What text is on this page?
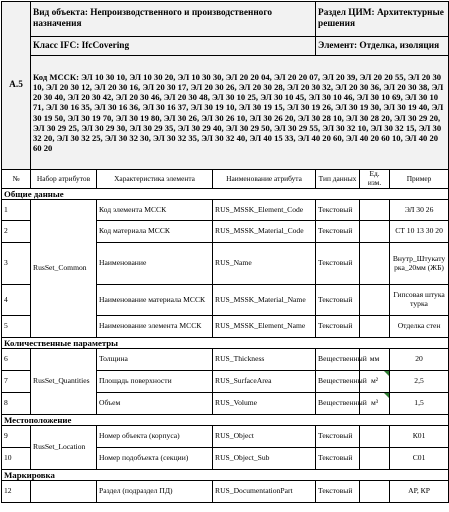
А.5	Вид объекта: Непроизводственного и производственного назначения			Раздел ЦИМ: Архитектурные решения		
	Класс IFC: IfcCovering			Элемент: Отделка, изоляция		
	Код МССК: ЭЛ 10 30 10, ЭЛ 10 30 20, ЭЛ 10 30 30, ЭЛ 20 20 04, ЭЛ 20 20 07, ЭЛ 20 39, ЭЛ 20 20 55, ЭЛ 20 30 10, ЭЛ 20 30 12, ЭЛ 20 30 16, ЭЛ 20 30 17, ЭЛ 20 30 26, ЭЛ 20 30 28, ЭЛ 20 30 32, ЭЛ 20 30 36, ЭЛ 20 30 38, ЭЛ 20 30 40, ЭЛ 20 30 42, ЭЛ 20 30 46, ЭЛ 20 30 48, ЭЛ 30 10 25, ЭЛ 30 10 45, ЭЛ 30 10 46, ЭЛ 30 10 69, ЭЛ 30 10 71, ЭЛ 30 16 35, ЭЛ 30 16 36, ЭЛ 30 16 37, ЭЛ 30 19 10, ЭЛ 30 19 15, ЭЛ 30 19 26, ЭЛ 30 19 30, ЭЛ 30 19 40, ЭЛ 30 19 50, ЭЛ 30 19 70, ЭЛ 30 19 80, ЭЛ 30 26, ЭЛ 30 26 10, ЭЛ 30 26 20, ЭЛ 30 28 10, ЭЛ 30 28 20, ЭЛ 30 29 20, ЭЛ 30 29 25, ЭЛ 30 29 30, ЭЛ 30 29 35, ЭЛ 30 29 40, ЭЛ 30 29 50, ЭЛ 30 29 55, ЭЛ 30 32 10, ЭЛ 30 32 15, ЭЛ 30 32 20, ЭЛ 30 32 25, ЭЛ 30 32 30, ЭЛ 30 32 35, ЭЛ 30 32 40, ЭЛ 40 15 33, ЭЛ 40 20 60, ЭЛ 40 20 60 10, ЭЛ 40 20 60 20					
№	Набор атрибутов	Характеристика элемента	Наименование атрибута	Тип данных	Ед. изм.	Пример
Общие данные						
1	RusSet_Common	Код элемента МССК	RUS_MSSK_Element_Code	Текстовый		ЭЛ 30 26
2		Код материала МССК	RUS_MSSK_Material_Code	Текстовый		СТ 10 13 30 20
3		Наименование	RUS_Name	Текстовый		Внутр_Штукатурка_20мм (ЖБ)
4		Наименование материала МССК	RUS_MSSK_Material_Name	Текстовый		Гипсовая штукатурка
5		Наименование элемента МССК	RUS_MSSK_Element_Name	Текстовый		Отделка стен
Количественные параметры						
6	RusSet_Quantities	Толщина	RUS_Thickness	Вещественный	мм	20
7		Площадь поверхности	RUS_SurfaceArea	Вещественный	м²	2,5
8		Объем	RUS_Volume	Вещественный	м³	1,5
Местоположение						
9	RusSet_Location	Номер объекта (корпуса)	RUS_Object	Текстовый		К01
10		Номер подобъекта (секции)	RUS_Object_Sub	Текстовый		С01
Маркировка						
12		Раздел (подраздел ПД)	RUS_DocumentationPart	Текстовый		АР, КР
